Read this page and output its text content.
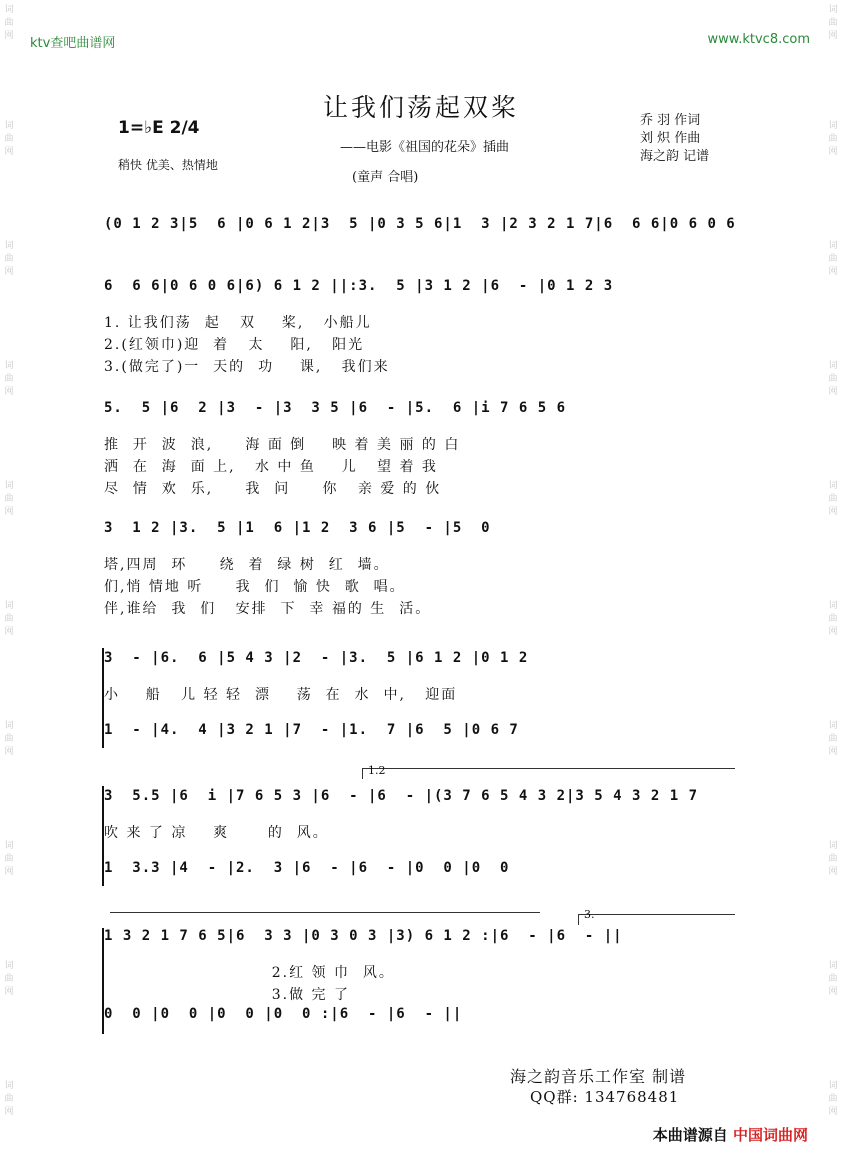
词曲网
词曲网
词曲网
词曲网
词曲网
词曲网
词曲网
词曲网
词曲网
词曲网
词曲网
词曲网
词曲网
词曲网
词曲网
词曲网
词曲网
词曲网
词曲网
词曲网
ktv查吧曲谱网	www.ktvc8.com
让我们荡起双桨
1=♭E 2/4
稍快 优美、热情地
——电影《祖国的花朵》插曲
(童声 合唱)
乔 羽 作词
刘 炽 作曲
海之韵 记谱
(0 1 2 3|5  6 |0 6 1 2|3  5 |0 3 5 6|1  3 |2 3 2 1 7|6  6 6|0 6 0 6
6  6 6|0 6 0 6|6) 6 1 2 ||:3.  5 |3 1 2 |6  - |0 1 2 3
1. 让我们荡  起   双    桨,   小船儿
2.(红领巾)迎  着   太    阳,   阳光
3.(做完了)一  天的  功    课,   我们来
5.  5 |6  2 |3  - |3  3 5 |6  - |5.  6 |i 7 6 5 6
推  开  波  浪,     海 面 倒    映 着 美 丽 的 白
洒  在  海  面 上,   水 中 鱼    儿   望 着 我
尽  情  欢  乐,     我  问     你   亲 爱 的 伙
3  1 2 |3.  5 |1  6 |1 2  3 6 |5  - |5  0
塔,四周  环     绕  着  绿 树  红  墙。
们,悄 情地 听     我  们  愉 快  歌  唱。
伴,谁给  我  们   安排  下  幸 福的 生  活。
3  - |6.  6 |5 4 3 |2  - |3.  5 |6 1 2 |0 1 2
小    船   儿 轻 轻  漂    荡  在  水  中,   迎面
1  - |4.  4 |3 2 1 |7  - |1.  7 |6  5 |0 6 7
3  5.5 |6  i |7 6 5 3 |6  - |6  - |(3 7 6 5 4 3 2|3 5 4 3 2 1 7
吹 来 了 凉    爽      的  风。
1  3.3 |4  - |2.  3 |6  - |6  - |0  0 |0  0
1 3 2 1 7 6 5|6  3 3 |0 3 0 3 |3) 6 1 2 :|6  - |6  - ||
2.红 领 巾  风。
3.做 完 了
0  0 |0  0 |0  0 |0  0 :|6  - |6  - ||
1.2
3.
海之韵音乐工作室 制谱
QQ群: 134768481
本曲谱源自 中国词曲网
